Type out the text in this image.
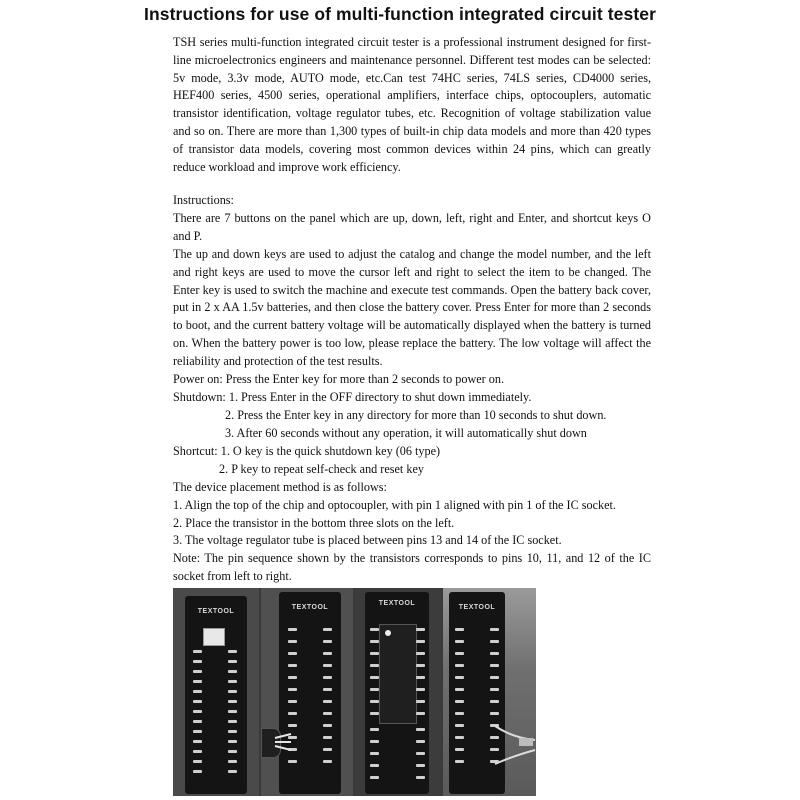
Instructions for use of multi-function integrated circuit tester
TSH series multi-function integrated circuit tester is a professional instrument designed for first-line microelectronics engineers and maintenance personnel. Different test modes can be selected: 5v mode, 3.3v mode, AUTO mode, etc.Can test 74HC series, 74LS series, CD4000 series, HEF400 series, 4500 series, operational amplifiers, interface chips, optocouplers, automatic transistor identification, voltage regulator tubes, etc. Recognition of voltage stabilization value and so on. There are more than 1,300 types of built-in chip data models and more than 420 types of transistor data models, covering most common devices within 24 pins, which can greatly reduce workload and improve work efficiency.
Instructions:
There are 7 buttons on the panel which are up, down, left, right and Enter, and shortcut keys O and P.
The up and down keys are used to adjust the catalog and change the model number, and the left and right keys are used to move the cursor left and right to select the item to be changed. The Enter key is used to switch the machine and execute test commands. Open the battery back cover, put in 2 x AA 1.5v batteries, and then close the battery cover. Press Enter for more than 2 seconds to boot, and the current battery voltage will be automatically displayed when the battery is turned on. When the battery power is too low, please replace the battery. The low voltage will affect the reliability and protection of the test results.
Power on: Press the Enter key for more than 2 seconds to power on.
Shutdown: 1. Press Enter in the OFF directory to shut down immediately.
2. Press the Enter key in any directory for more than 10 seconds to shut down.
3. After 60 seconds without any operation, it will automatically shut down
Shortcut: 1. O key is the quick shutdown key (06 type)
2. P key to repeat self-check and reset key
The device placement method is as follows:
1. Align the top of the chip and optocoupler, with pin 1 aligned with pin 1 of the IC socket.
2. Place the transistor in the bottom three slots on the left.
3. The voltage regulator tube is placed between pins 13 and 14 of the IC socket.
Note: The pin sequence shown by the transistors corresponds to pins 10, 11, and 12 of the IC socket from left to right.
TEXTOOL
TEXTOOL
TEXTOOL
TEXTOOL
